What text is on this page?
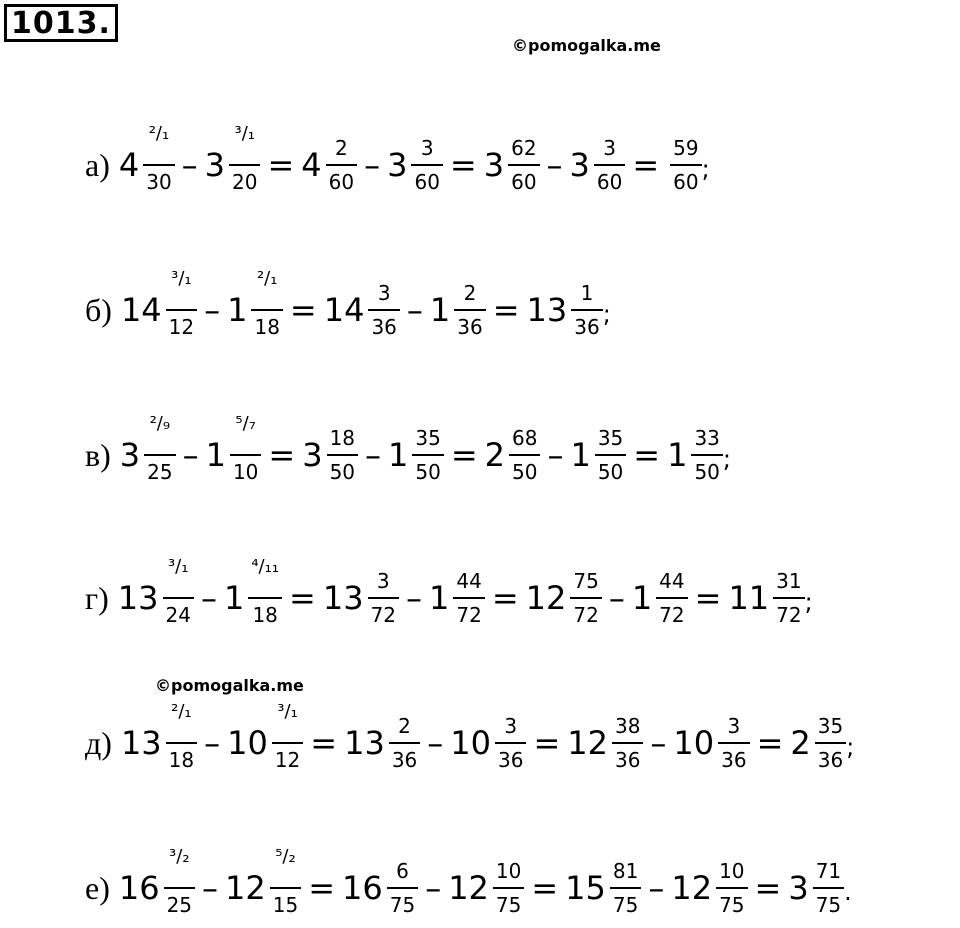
1013.
©pomogalka.me
©pomogalka.me
а) $4 \frac{\text{²/₁}}{30} - 3 \frac{\text{³/₁}}{20} = 4 \frac{2}{60} - 3 \frac{3}{60} = 3 \frac{62}{60} - 3 \frac{3}{60} = \frac{59}{60}$ ;
б) $14 \frac{\text{³/₁}}{12} - 1 \frac{\text{²/₁}}{18} = 14 \frac{3}{36} - 1 \frac{2}{36} = 13 \frac{1}{36}$ ;
в) $3 \frac{\text{²/₉}}{25} - 1 \frac{\text{⁵/₇}}{10} = 3 \frac{18}{50} - 1 \frac{35}{50} = 2 \frac{68}{50} - 1 \frac{35}{50} = 1 \frac{33}{50}$ ;
г) $13 \frac{\text{³/₁}}{24} - 1 \frac{\text{⁴/₁₁}}{18} = 13 \frac{3}{72} - 1 \frac{44}{72} = 12 \frac{75}{72} - 1 \frac{44}{72} = 11 \frac{31}{72}$ ;
д) $13 \frac{\text{²/₁}}{18} - 10 \frac{\text{³/₁}}{12} = 13 \frac{2}{36} - 10 \frac{3}{36} = 12 \frac{38}{36} - 10 \frac{3}{36} = 2 \frac{35}{36}$ ;
е) $16 \frac{\text{³/₂}}{25} - 12 \frac{\text{⁵/₂}}{15} = 16 \frac{6}{75} - 12 \frac{10}{75} = 15 \frac{81}{75} - 12 \frac{10}{75} = 3 \frac{71}{75}$ .
